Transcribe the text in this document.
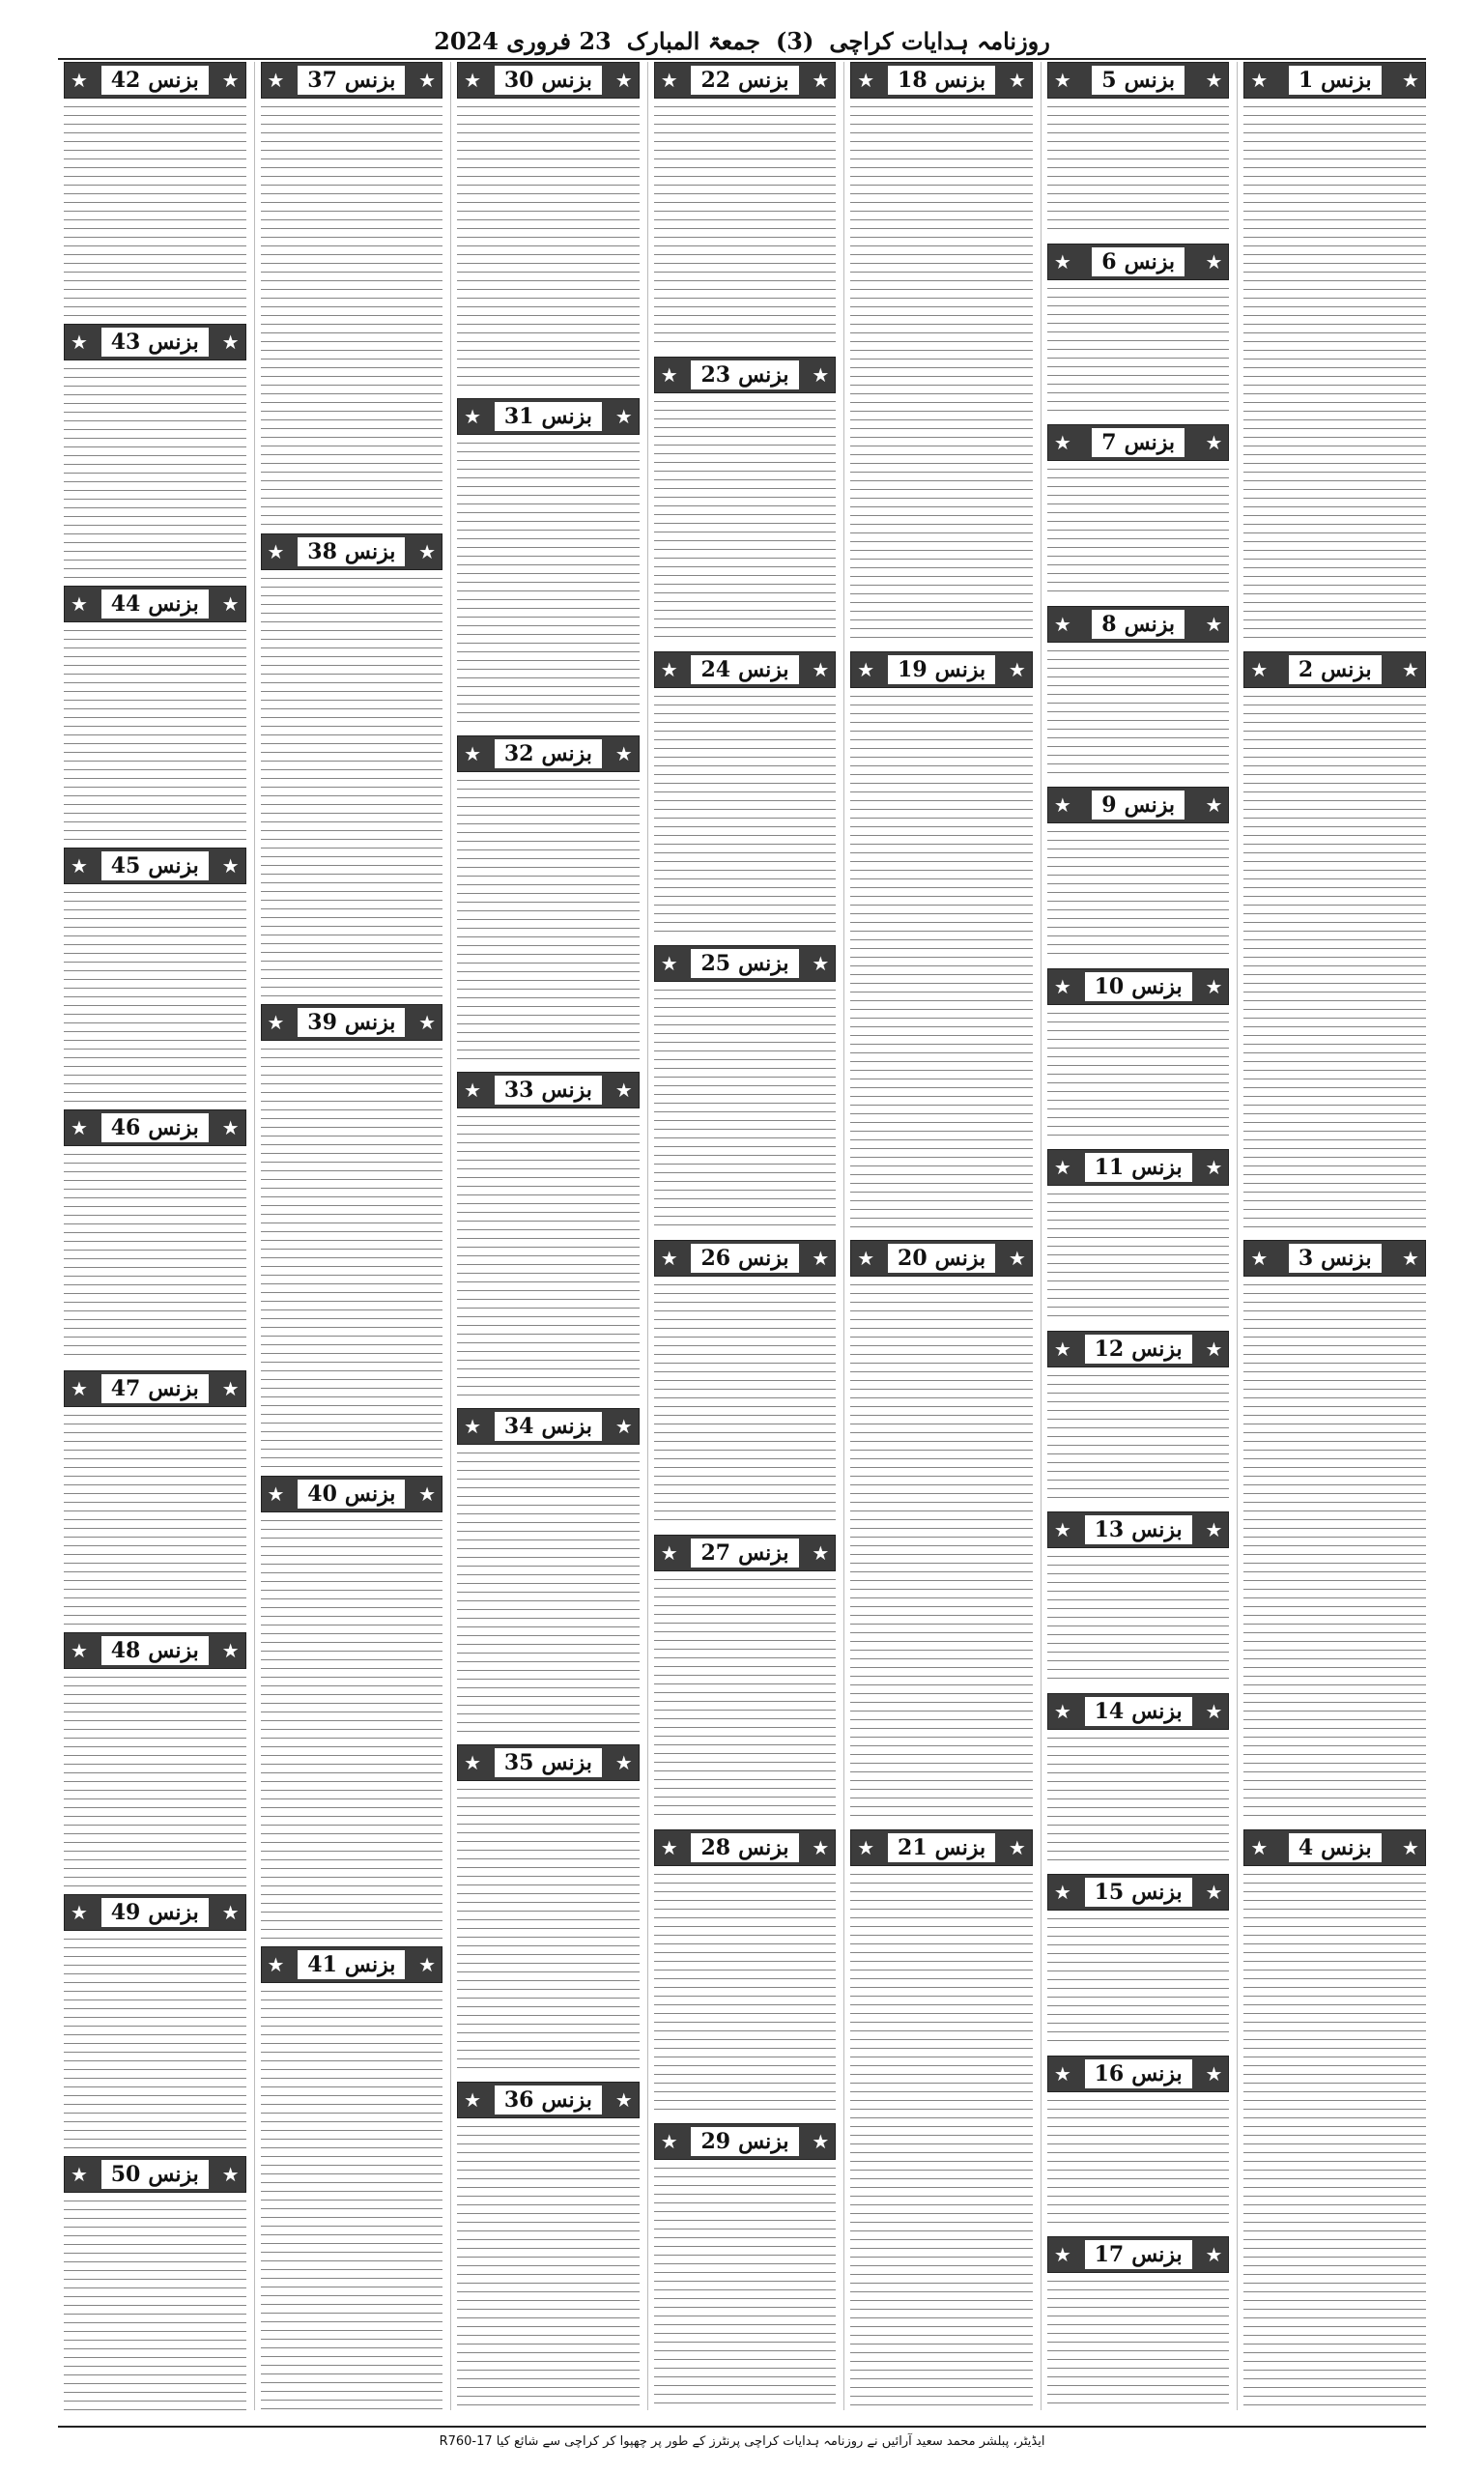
روزنامہ ہدایات کراچی
(3)
جمعۃ المبارک
23 فروری 2024
★ بزنس
1	★
★ بزنس
2	★
★ بزنس
3	★
★ بزنس
4	★
★ بزنس
5	★
★ بزنس
6	★
★ بزنس
7	★
★ بزنس
8	★
★ بزنس
9	★
★	بزنس
10	★
★	بزنس
11	★
★	بزنس
12	★
★	بزنس
13	★
★	بزنس
14	★
★	بزنس
15	★
★	بزنس
16	★
★	بزنس
17	★
★	بزنس
18	★
★	بزنس
19	★
★	بزنس
20	★
★	بزنس
21	★
★	بزنس
22	★
★	بزنس
23	★
★	بزنس
24	★
★	بزنس
25	★
★	بزنس
26	★
★	بزنس
27	★
★	بزنس
28	★
★	بزنس
29	★
★	بزنس
30	★
★	بزنس
31	★
★	بزنس
32	★
★	بزنس
33	★
★	بزنس
34	★
★	بزنس
35	★
★	بزنس
36	★
★	بزنس
37	★
★	بزنس
38	★
★	بزنس
39	★
★	بزنس
40	★
★	بزنس
41	★
★	بزنس
42	★
★	بزنس
43	★
★	بزنس
44	★
★	بزنس
45	★
★	بزنس
46	★
★	بزنس
47	★
★	بزنس
48	★
★	بزنس
49	★
★	بزنس
50	★
ایڈیٹر، پبلشر محمد سعید آرائیں نے روزنامہ ہدایات کراچی پرنٹرز کے طور پر چھپوا کر کراچی سے شائع کیا R760-17
